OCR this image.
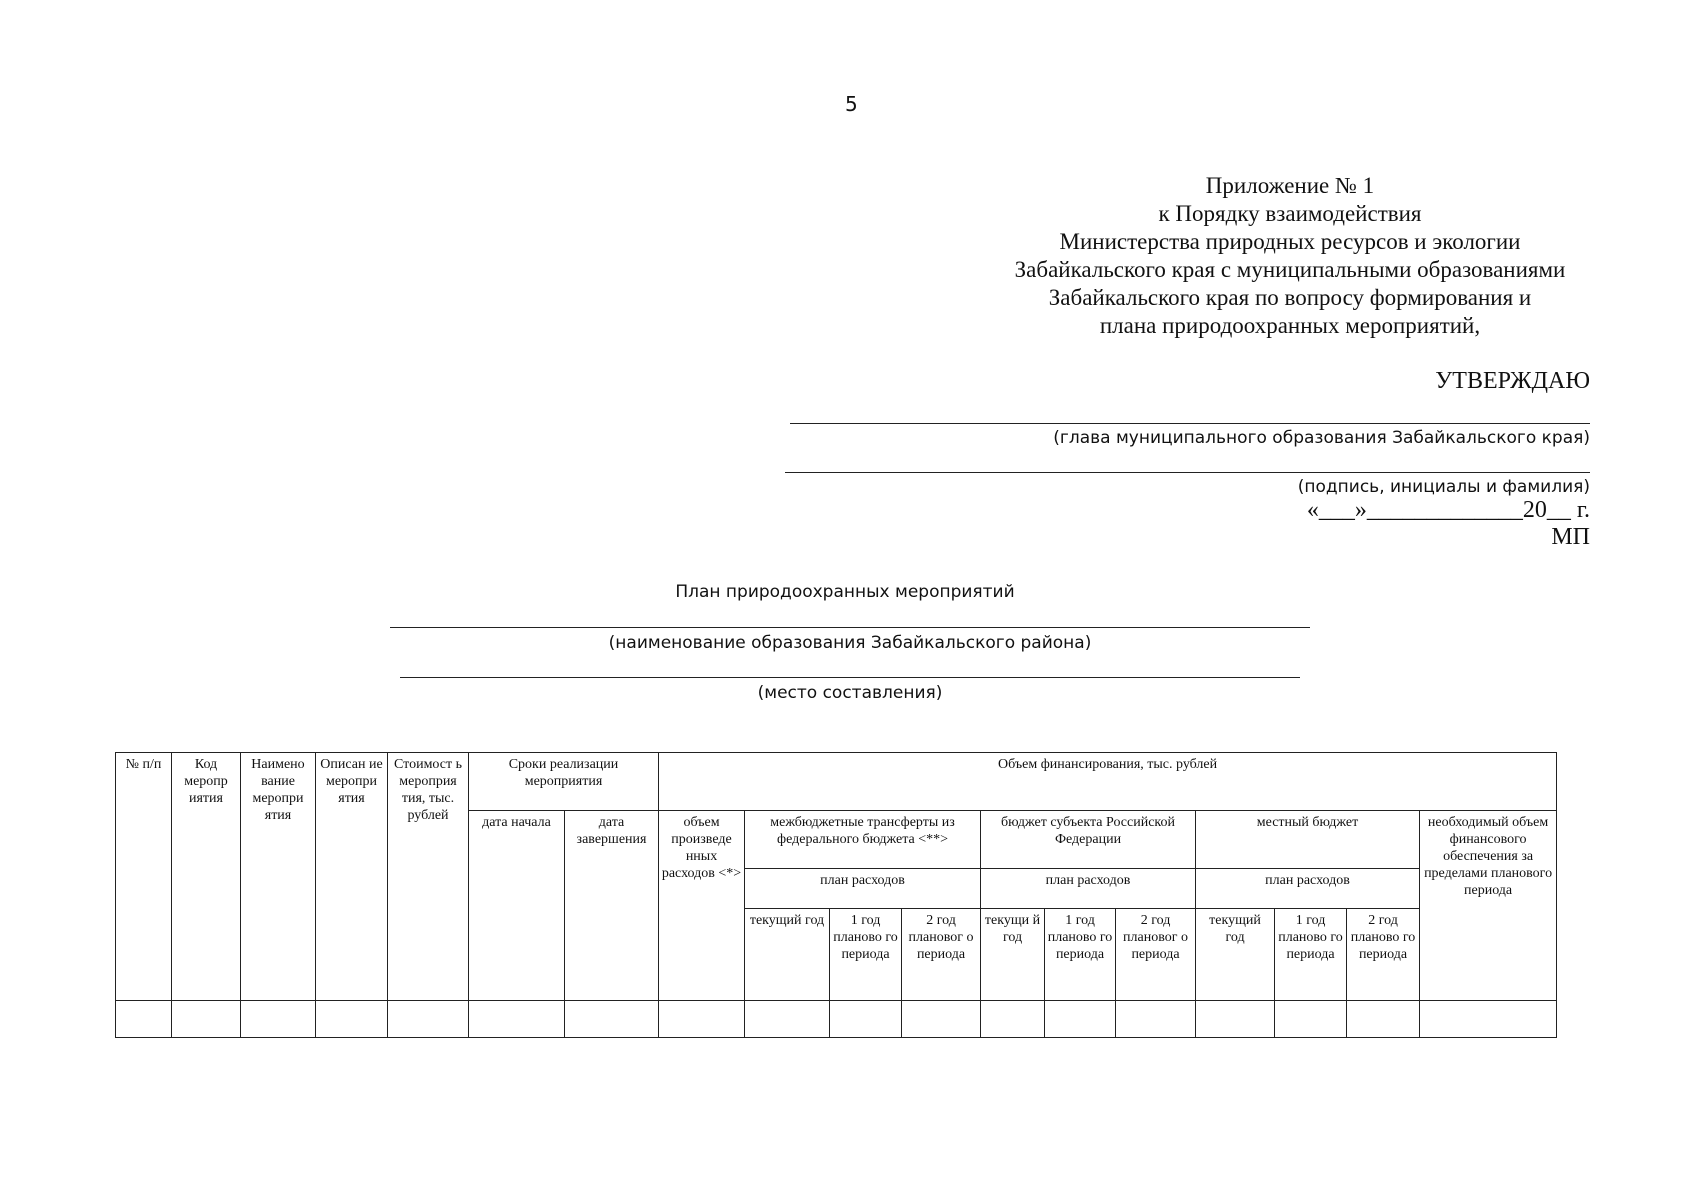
5
Приложение № 1
к Порядку взаимодействия
Министерства природных ресурсов и экологии
Забайкальского края с муниципальными образованиями
Забайкальского края по вопросу формирования и
плана природоохранных мероприятий,
УТВЕРЖДАЮ
(глава муниципального образования Забайкальского края)
(подпись, инициалы и фамилия)
«___»_____________20__ г.
МП
План природоохранных мероприятий
(наименование образования Забайкальского района)
(место составления)
№ п/п	Код меропр иятия	Наимено вание меропри ятия	Описан ие меропри ятия	Стоимост ь мероприя тия, тыс. рублей	Сроки реализации мероприятия		Объем финансирования, тыс. рублей										
					дата начала	дата завершения	объем произведе нных расходов <*>	межбюджетные трансферты из федерального бюджета <**>			бюджет субъекта Российской Федерации			местный бюджет			необходимый объем финансового обеспечения за пределами планового периода
								план расходов			план расходов			план расходов			
								текущий год	1 год планово го периода	2 год плановог о периода	текущи й год	1 год планово го периода	2 год плановог о периода	текущий год	1 год планово го периода	2 год планово го периода	
